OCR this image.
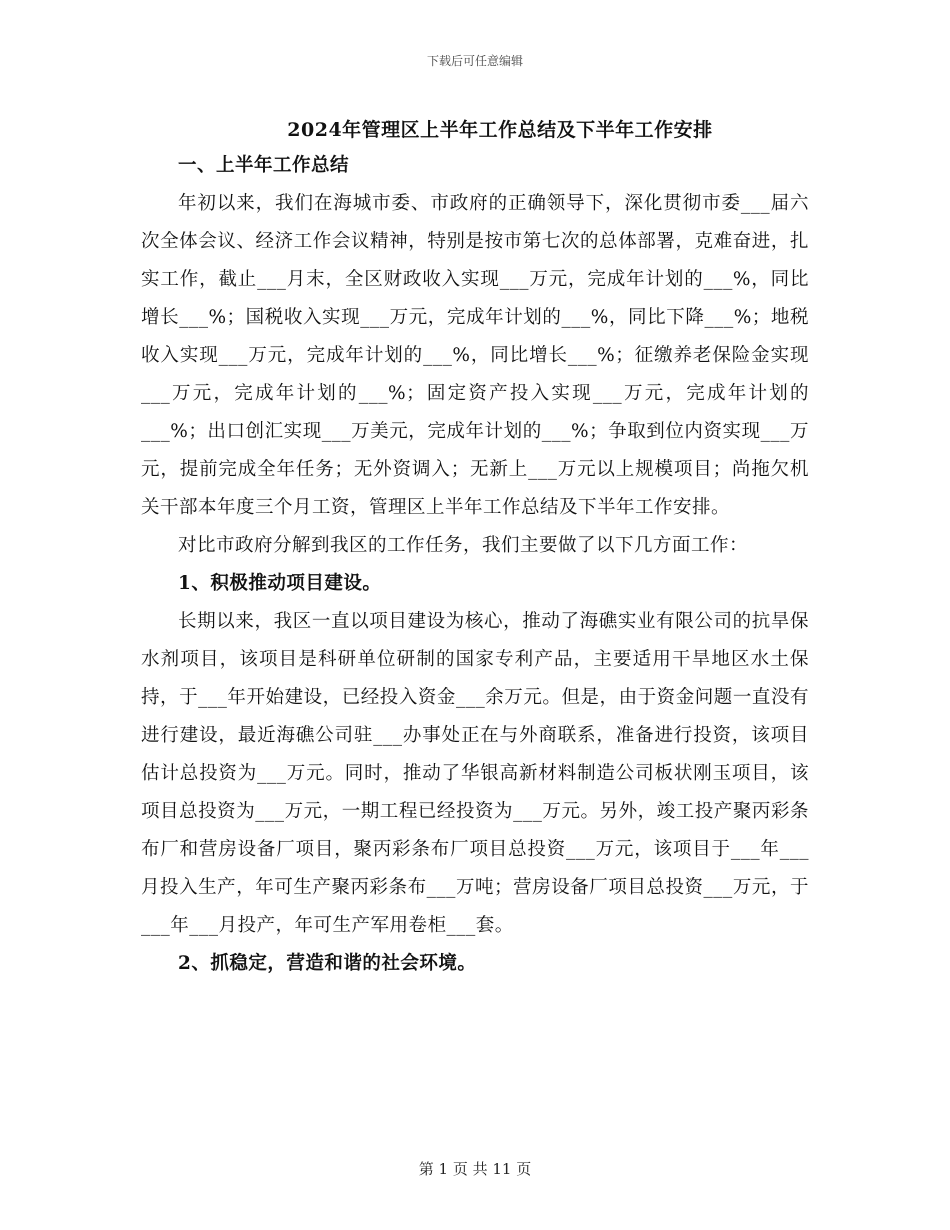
下载后可任意编辑
2024年管理区上半年工作总结及下半年工作安排

一、上半年工作总结

年初以来，我们在海城市委、市政府的正确领导下，深化贯彻市委___届六次全体会议、经济工作会议精神，特别是按市第七次的总体部署，克难奋进，扎实工作，截止___月末，全区财政收入实现___万元，完成年计划的___%，同比增长___%；国税收入实现___万元，完成年计划的___%，同比下降___%；地税收入实现___万元，完成年计划的___%，同比增长___%；征缴养老保险金实现___万元，完成年计划的___%；固定资产投入实现___万元，完成年计划的___%；出口创汇实现___万美元，完成年计划的___%；争取到位内资实现___万元，提前完成全年任务；无外资调入；无新上___万元以上规模项目；尚拖欠机关干部本年度三个月工资，管理区上半年工作总结及下半年工作安排。

对比市政府分解到我区的工作任务，我们主要做了以下几方面工作：

1、积极推动项目建设。

长期以来，我区一直以项目建设为核心，推动了海礁实业有限公司的抗旱保水剂项目，该项目是科研单位研制的国家专利产品，主要适用干旱地区水土保持，于___年开始建设，已经投入资金___余万元。但是，由于资金问题一直没有进行建设，最近海礁公司驻___办事处正在与外商联系，准备进行投资，该项目估计总投资为___万元。同时，推动了华银高新材料制造公司板状刚玉项目，该项目总投资为___万元，一期工程已经投资为___万元。另外，竣工投产聚丙彩条布厂和营房设备厂项目，聚丙彩条布厂项目总投资___万元，该项目于___年___月投入生产，年可生产聚丙彩条布___万吨；营房设备厂项目总投资___万元，于___年___月投产，年可生产军用卷柜___套。

2、抓稳定，营造和谐的社会环境。

第 1 页 共 11 页
